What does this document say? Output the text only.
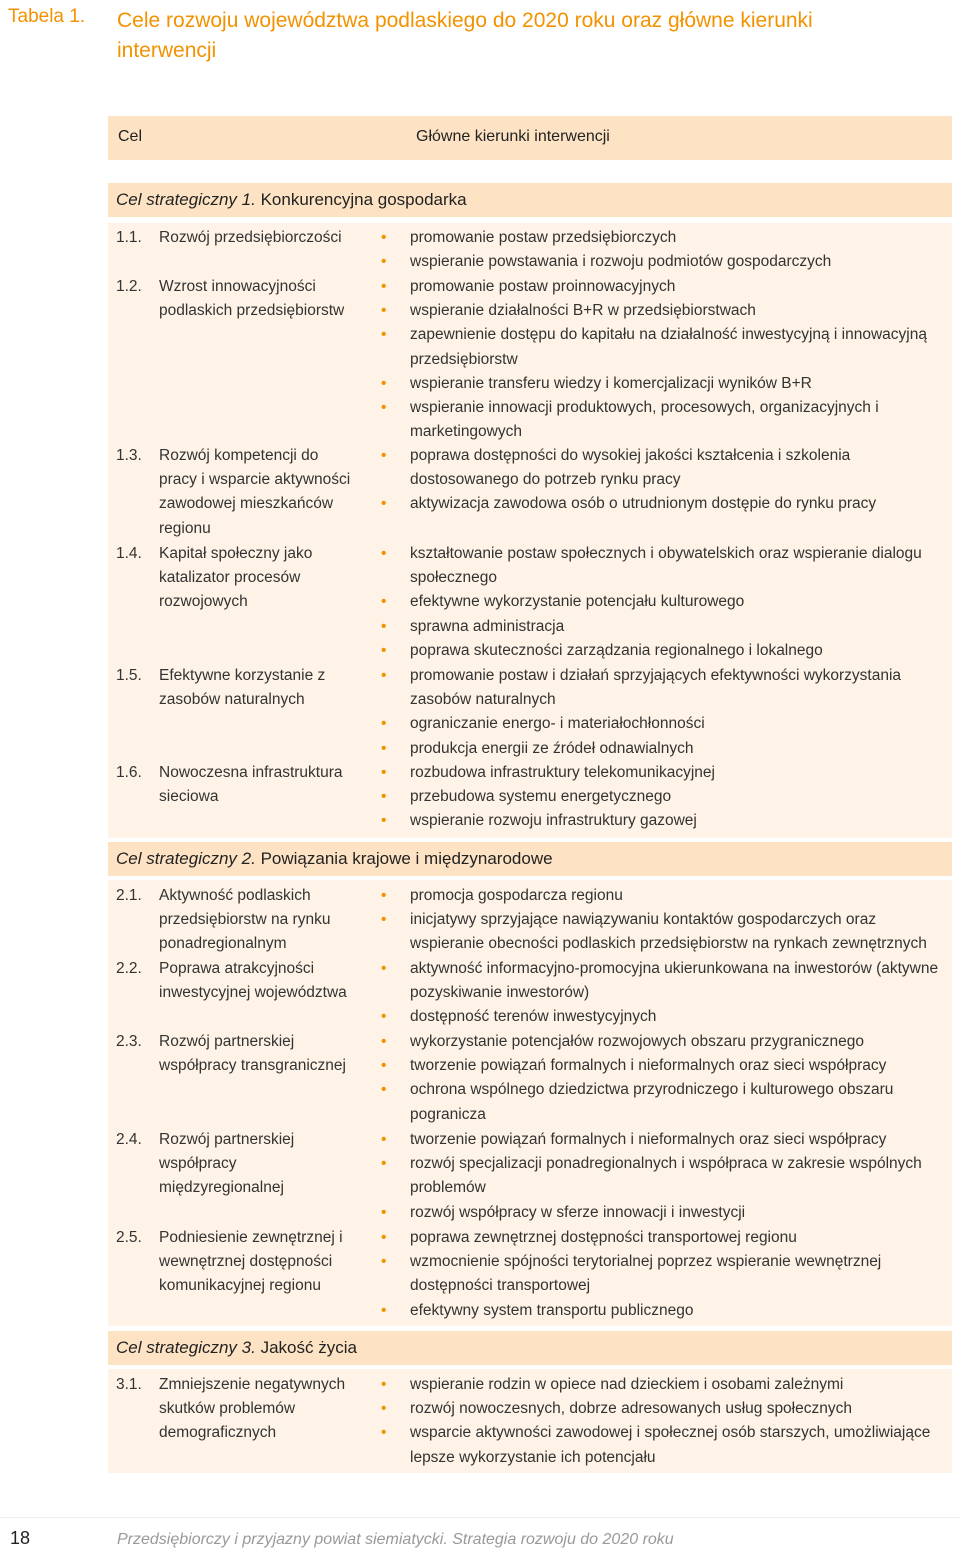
Tabela 1. Cele rozwoju województwa podlaskiego do 2020 roku oraz główne kierunki interwencji
Cel	Główne kierunki interwencji
Cel strategiczny 1. Konkurencyjna gospodarka
1.1.	Rozwój przedsiębiorczości
•	promowanie postaw przedsiębiorczych
• wspieranie powstawania i rozwoju podmiotów gospodarczych
1.2.	Wzrost innowacyjności podlaskich przedsiębiorstw
• promowanie postaw proinnowacyjnych
• wspieranie działalności B+R w przedsiębiorstwach
• zapewnienie dostępu do kapitału na działalność inwestycyjną i innowacyjną przedsiębiorstw
• wspieranie transferu wiedzy i komercjalizacji wyników B+R
• wspieranie innowacji produktowych, procesowych, organizacyjnych i marketingowych
1.3.	Rozwój kompetencji do pracy i wsparcie aktywności zawodowej mieszkańców regionu
• poprawa dostępności do wysokiej jakości kształcenia i szkolenia dostosowanego do potrzeb rynku pracy
• aktywizacja zawodowa osób o utrudnionym dostępie do rynku pracy
1.4.	Kapitał społeczny jako katalizator procesów rozwojowych
• kształtowanie postaw społecznych i obywatelskich oraz wspieranie dialogu społecznego
• efektywne wykorzystanie potencjału kulturowego
• sprawna administracja
• poprawa skuteczności zarządzania regionalnego i lokalnego
1.5.	Efektywne korzystanie z zasobów naturalnych
• promowanie postaw i działań sprzyjających efektywności wykorzystania zasobów naturalnych
• ograniczanie energo- i materiałochłonności
• produkcja energii ze źródeł odnawialnych
1.6.	Nowoczesna infrastruktura sieciowa
• rozbudowa infrastruktury telekomunikacyjnej
• przebudowa systemu energetycznego
• wspieranie rozwoju infrastruktury gazowej
Cel strategiczny 2. Powiązania krajowe i międzynarodowe
2.1.	Aktywność podlaskich przedsiębiorstw na rynku ponadregionalnym
• promocja gospodarcza regionu
• inicjatywy sprzyjające nawiązywaniu kontaktów gospodarczych oraz wspieranie obecności podlaskich przedsiębiorstw na rynkach zewnętrznych
2.2.	Poprawa atrakcyjności inwestycyjnej województwa
• aktywność informacyjno-promocyjna ukierunkowana na inwestorów (aktywne pozyskiwanie inwestorów)
• dostępność terenów inwestycyjnych
2.3.	Rozwój partnerskiej współpracy transgranicznej
• wykorzystanie potencjałów rozwojowych obszaru przygranicznego
• tworzenie powiązań formalnych i nieformalnych oraz sieci współpracy
• ochrona wspólnego dziedzictwa przyrodniczego i kulturowego obszaru pogranicza
2.4.	Rozwój partnerskiej współpracy międzyregionalnej
• tworzenie powiązań formalnych i nieformalnych oraz sieci współpracy
• rozwój specjalizacji ponadregionalnych i współpraca w zakresie wspólnych problemów
• rozwój współpracy w sferze innowacji i inwestycji
2.5.	Podniesienie zewnętrznej i wewnętrznej dostępności komunikacyjnej regionu
• poprawa zewnętrznej dostępności transportowej regionu
• wzmocnienie spójności terytorialnej poprzez wspieranie wewnętrznej dostępności transportowej
• efektywny system transportu publicznego
Cel strategiczny 3. Jakość życia
3.1.	Zmniejszenie negatywnych skutków problemów demograficznych
• wspieranie rodzin w opiece nad dzieckiem i osobami zależnymi
• rozwój nowoczesnych, dobrze adresowanych usług społecznych
• wsparcie aktywności zawodowej i społecznej osób starszych, umożliwiające lepsze wykorzystanie ich potencjału
18	Przedsiębiorczy i przyjazny powiat siemiatycki. Strategia rozwoju do 2020 roku
